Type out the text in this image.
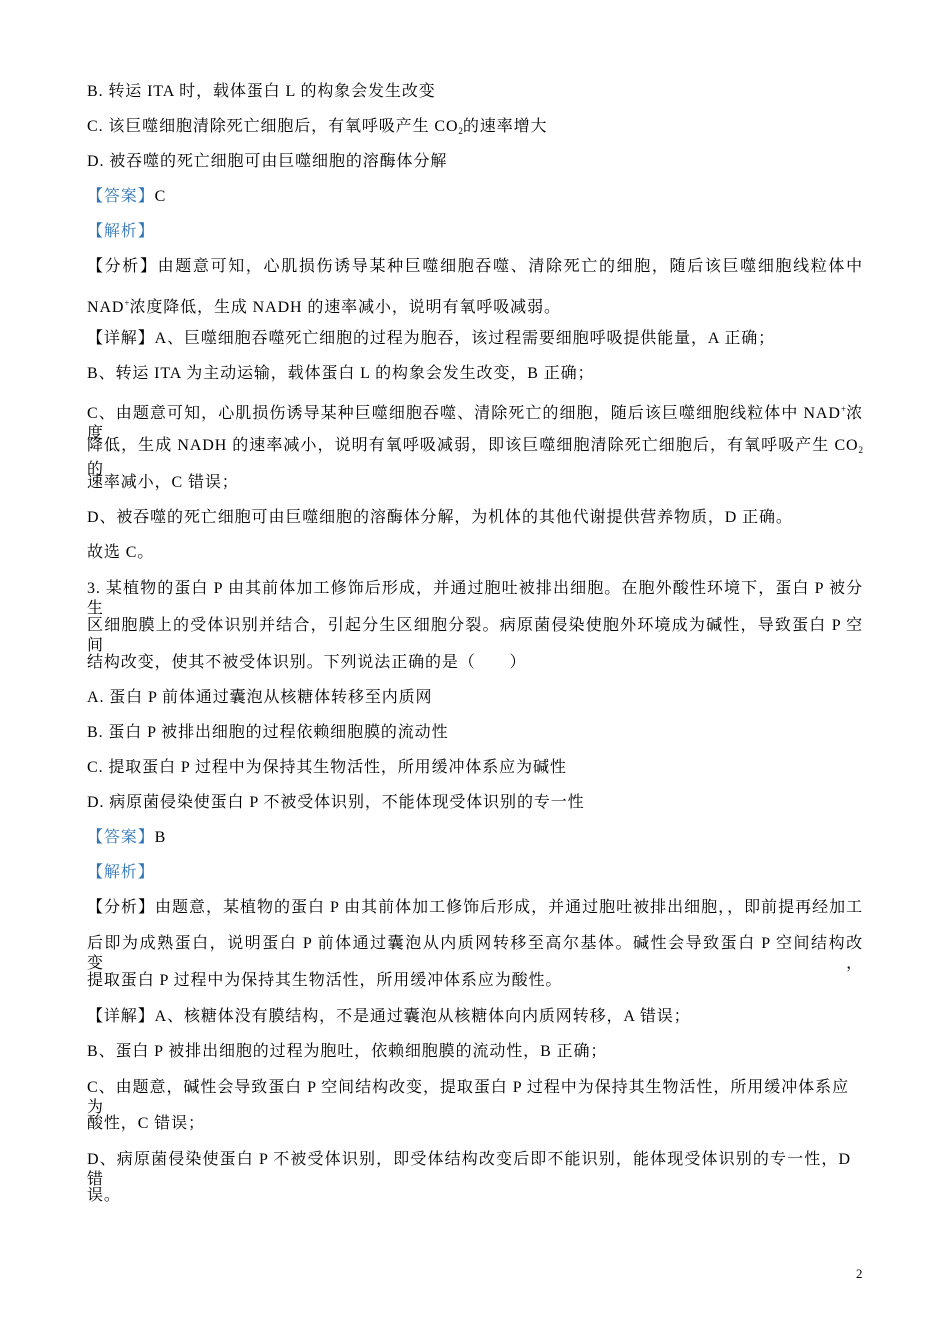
B. 转运 ITA 时，载体蛋白 L 的构象会发生改变
C. 该巨噬细胞清除死亡细胞后，有氧呼吸产生 $CO_2$的速率增大
D. 被吞噬的死亡细胞可由巨噬细胞的溶酶体分解
【答案】C
【解析】
【分析】由题意可知，心肌损伤诱导某种巨噬细胞吞噬、清除死亡的细胞，随后该巨噬细胞线粒体中
NAD+浓度降低，生成 NADH 的速率减小，说明有氧呼吸减弱。
【详解】A、巨噬细胞吞噬死亡细胞的过程为胞吞，该过程需要细胞呼吸提供能量，A 正确；
B、转运 ITA 为主动运输，载体蛋白 L 的构象会发生改变，B 正确；
C、由题意可知，心肌损伤诱导某种巨噬细胞吞噬、清除死亡的细胞，随后该巨噬细胞线粒体中 NAD+浓度
降低，生成 NADH 的速率减小，说明有氧呼吸减弱，即该巨噬细胞清除死亡细胞后，有氧呼吸产生 $CO_2$的
速率减小，C 错误；
D、被吞噬的死亡细胞可由巨噬细胞的溶酶体分解，为机体的其他代谢提供营养物质，D 正确。
故选 C。
3. 某植物的蛋白 P 由其前体加工修饰后形成，并通过胞吐被排出细胞。在胞外酸性环境下，蛋白 P 被分生
区细胞膜上的受体识别并结合，引起分生区细胞分裂。病原菌侵染使胞外环境成为碱性，导致蛋白 P 空间
结构改变，使其不被受体识别。下列说法正确的是（　　）
A. 蛋白 P 前体通过囊泡从核糖体转移至内质网
B. 蛋白 P 被排出细胞的过程依赖细胞膜的流动性
C. 提取蛋白 P 过程中为保持其生物活性，所用缓冲体系应为碱性
D. 病原菌侵染使蛋白 P 不被受体识别，不能体现受体识别的专一性
【答案】B
【解析】
【分析】由题意，某植物的蛋白 P 由其前体加工修饰后形成，并通过胞吐被排出细胞，，即前提再经加工
后即为成熟蛋白，说明蛋白 P 前体通过囊泡从内质网转移至高尔基体。碱性会导致蛋白 P 空间结构改变，
提取蛋白 P 过程中为保持其生物活性，所用缓冲体系应为酸性。
【详解】A、核糖体没有膜结构，不是通过囊泡从核糖体向内质网转移，A 错误；
B、蛋白 P 被排出细胞的过程为胞吐，依赖细胞膜的流动性，B 正确；
C、由题意，碱性会导致蛋白 P 空间结构改变，提取蛋白 P 过程中为保持其生物活性，所用缓冲体系应为
酸性，C 错误；
D、病原菌侵染使蛋白 P 不被受体识别，即受体结构改变后即不能识别，能体现受体识别的专一性，D 错
误。
2
